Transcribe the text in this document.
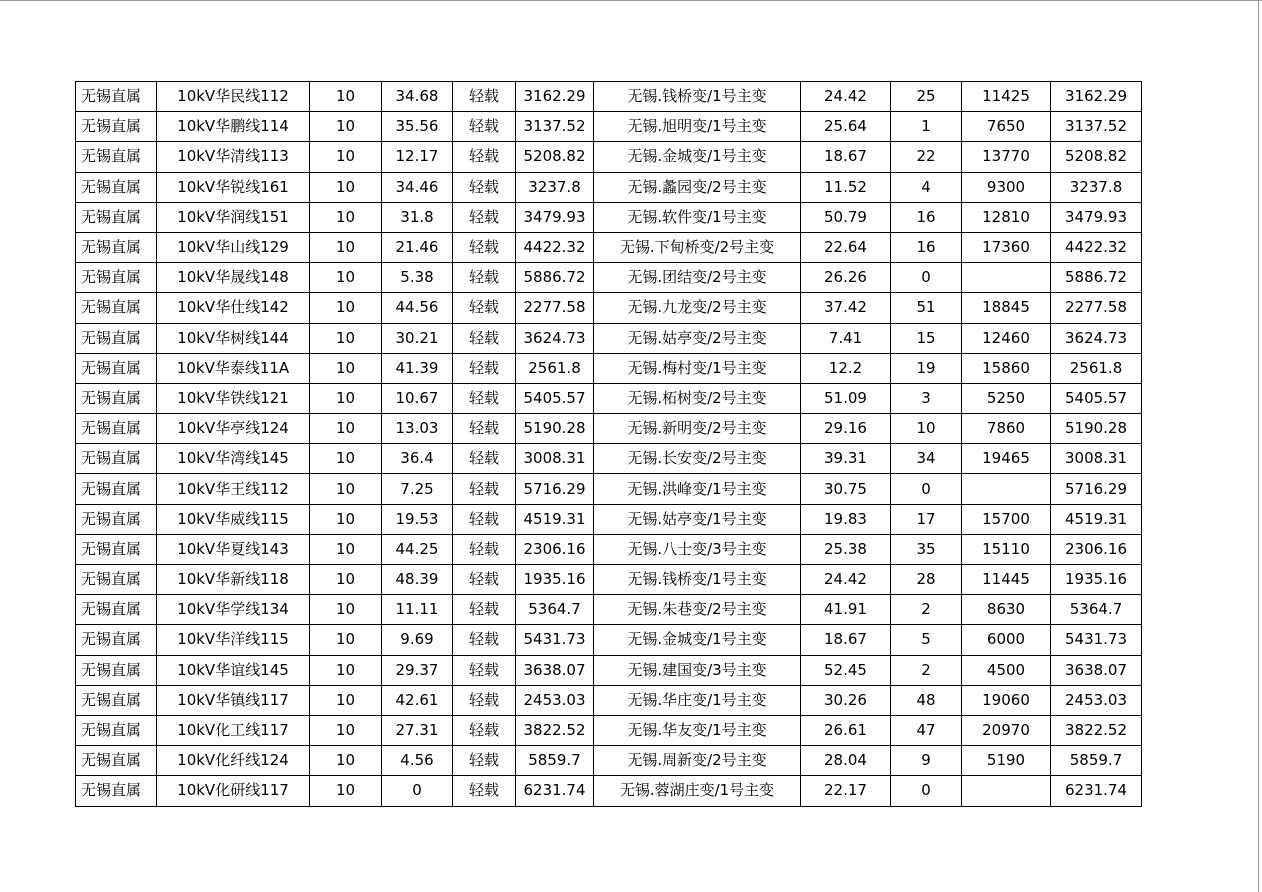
无锡直属	10kV华民线112	10	34.68	轻载	3162.29	无锡.钱桥变/1号主变	24.42	25	11425	3162.29
无锡直属	10kV华鹏线114	10	35.56	轻载	3137.52	无锡.旭明变/1号主变	25.64	1	7650	3137.52
无锡直属	10kV华清线113	10	12.17	轻载	5208.82	无锡.金城变/1号主变	18.67	22	13770	5208.82
无锡直属	10kV华锐线161	10	34.46	轻载	3237.8	无锡.蠡园变/2号主变	11.52	4	9300	3237.8
无锡直属	10kV华润线151	10	31.8	轻载	3479.93	无锡.软件变/1号主变	50.79	16	12810	3479.93
无锡直属	10kV华山线129	10	21.46	轻载	4422.32	无锡.下甸桥变/2号主变	22.64	16	17360	4422.32
无锡直属	10kV华晟线148	10	5.38	轻载	5886.72	无锡.团结变/2号主变	26.26	0		5886.72
无锡直属	10kV华仕线142	10	44.56	轻载	2277.58	无锡.九龙变/2号主变	37.42	51	18845	2277.58
无锡直属	10kV华树线144	10	30.21	轻载	3624.73	无锡.姑亭变/2号主变	7.41	15	12460	3624.73
无锡直属	10kV华泰线11A	10	41.39	轻载	2561.8	无锡.梅村变/1号主变	12.2	19	15860	2561.8
无锡直属	10kV华铁线121	10	10.67	轻载	5405.57	无锡.柘树变/2号主变	51.09	3	5250	5405.57
无锡直属	10kV华亭线124	10	13.03	轻载	5190.28	无锡.新明变/2号主变	29.16	10	7860	5190.28
无锡直属	10kV华湾线145	10	36.4	轻载	3008.31	无锡.长安变/2号主变	39.31	34	19465	3008.31
无锡直属	10kV华王线112	10	7.25	轻载	5716.29	无锡.洪峰变/1号主变	30.75	0		5716.29
无锡直属	10kV华威线115	10	19.53	轻载	4519.31	无锡.姑亭变/1号主变	19.83	17	15700	4519.31
无锡直属	10kV华夏线143	10	44.25	轻载	2306.16	无锡.八士变/3号主变	25.38	35	15110	2306.16
无锡直属	10kV华新线118	10	48.39	轻载	1935.16	无锡.钱桥变/1号主变	24.42	28	11445	1935.16
无锡直属	10kV华学线134	10	11.11	轻载	5364.7	无锡.朱巷变/2号主变	41.91	2	8630	5364.7
无锡直属	10kV华洋线115	10	9.69	轻载	5431.73	无锡.金城变/1号主变	18.67	5	6000	5431.73
无锡直属	10kV华谊线145	10	29.37	轻载	3638.07	无锡.建国变/3号主变	52.45	2	4500	3638.07
无锡直属	10kV华镇线117	10	42.61	轻载	2453.03	无锡.华庄变/1号主变	30.26	48	19060	2453.03
无锡直属	10kV化工线117	10	27.31	轻载	3822.52	无锡.华友变/1号主变	26.61	47	20970	3822.52
无锡直属	10kV化纤线124	10	4.56	轻载	5859.7	无锡.周新变/2号主变	28.04	9	5190	5859.7
无锡直属	10kV化研线117	10	0	轻载	6231.74	无锡.蓉湖庄变/1号主变	22.17	0		6231.74
